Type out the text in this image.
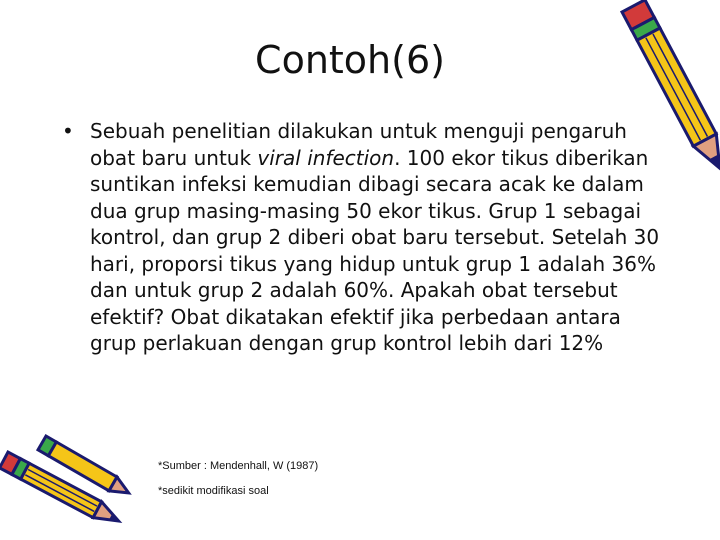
Contoh(6)
• Sebuah penelitian dilakukan untuk menguji pengaruh obat baru untuk viral infection. 100 ekor tikus diberikan suntikan infeksi kemudian dibagi secara acak ke dalam dua grup masing-masing 50 ekor tikus. Grup 1 sebagai kontrol, dan grup 2 diberi obat baru tersebut. Setelah 30 hari, proporsi tikus yang hidup untuk grup 1 adalah 36% dan untuk grup 2 adalah 60%. Apakah obat tersebut efektif? Obat dikatakan efektif jika perbedaan antara grup perlakuan dengan grup kontrol lebih dari 12%
*Sumber : Mendenhall, W (1987)
*sedikit modifikasi soal
